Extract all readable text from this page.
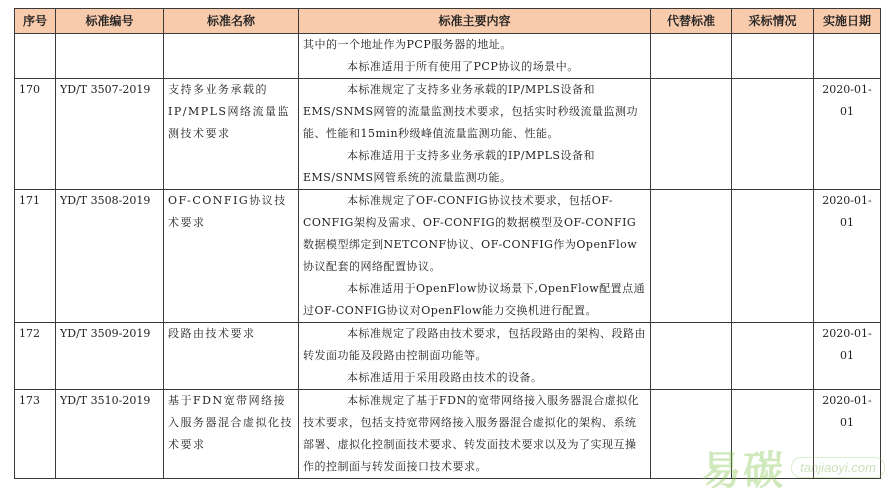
序号	标准编号	标准名称	标准主要内容	代替标准	采标情况	实施日期

			其中的一个地址作为PCP服务器的地址。
本标准适用于所有使用了PCP协议的场景中。			

170	YD/T 3507-2019	支持多业务承载的IP/MPLS网络流量监测技术要求	本标准规定了支持多业务承载的IP/MPLS设备和EMS/SNMS网管的流量监测技术要求，包括实时秒级流量监测功能、性能和15min秒级峰值流量监测功能、性能。
本标准适用于支持多业务承载的IP/MPLS设备和EMS/SNMS网管系统的流量监测功能。			2020-01-01
171	YD/T 3508-2019	OF-CONFIG协议技术要求	本标准规定了OF-CONFIG协议技术要求，包括OF-CONFIG架构及需求、OF-CONFIG的数据模型及OF-CONFIG数据模型绑定到NETCONF协议、OF-CONFIG作为OpenFlow协议配套的网络配置协议。
本标准适用于OpenFlow协议场景下,OpenFlow配置点通过OF-CONFIG协议对OpenFlow能力交换机进行配置。			2020-01-01
172	YD/T 3509-2019	段路由技术要求	本标准规定了段路由技术要求，包括段路由的架构、段路由转发面功能及段路由控制面功能等。
本标准适用于采用段路由技术的设备。			2020-01-01
173	YD/T 3510-2019	基于FDN宽带网络接入服务器混合虚拟化技术要求	本标准规定了基于FDN的宽带网络接入服务器混合虚拟化技术要求，包括支持宽带网络接入服务器混合虚拟化的架构、系统部署、虚拟化控制面技术要求、转发面技术要求以及为了实现互操作的控制面与转发面接口技术要求。			2020-01-01
易碳	tanjiaoyi.com
